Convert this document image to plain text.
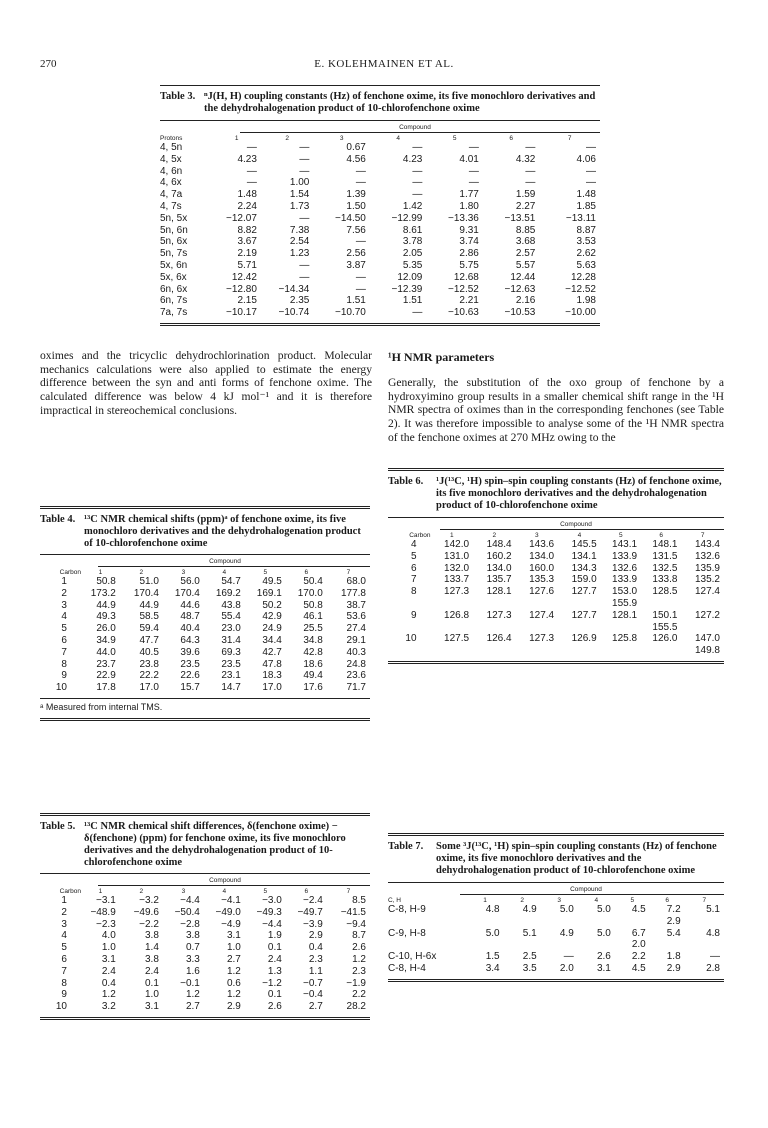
270	E. KOLEHMAINEN ET AL.
Table 3. ⁿJ(H, H) coupling constants (Hz) of fenchone oxime, its five monochloro derivatives and the dehydrohalogenation product of 10-chlorofenchone oxime
Compound
Protons	1	2	3	4	5	6	7
4, 5n	—	—	0.67	—	—	—	—
4, 5x	4.23	—	4.56	4.23	4.01	4.32	4.06
4, 6n	—	—	—	—	—	—	—
4, 6x	—	1.00	—	—	—	—	—
4, 7a	1.48	1.54	1.39	—	1.77	1.59	1.48
4, 7s	2.24	1.73	1.50	1.42	1.80	2.27	1.85
5n, 5x	−12.07	—	−14.50	−12.99	−13.36	−13.51	−13.11
5n, 6n	8.82	7.38	7.56	8.61	9.31	8.85	8.87
5n, 6x	3.67	2.54	—	3.78	3.74	3.68	3.53
5n, 7s	2.19	1.23	2.56	2.05	2.86	2.57	2.62
5x, 6n	5.71	—	3.87	5.35	5.75	5.57	5.63
5x, 6x	12.42	—	—	12.09	12.68	12.44	12.28
6n, 6x	−12.80	−14.34	—	−12.39	−12.52	−12.63	−12.52
6n, 7s	2.15	2.35	1.51	1.51	2.21	2.16	1.98
7a, 7s	−10.17	−10.74	−10.70	—	−10.63	−10.53	−10.00

oximes and the tricyclic dehydrochlorination product. Molecular mechanics calculations were also applied to estimate the energy difference between the syn and anti forms of fenchone oxime. The calculated difference was below 4 kJ mol⁻¹ and it is therefore impractical in stereochemical conclusions.

¹H NMR parameters

Generally, the substitution of the oxo group of fenchone by a hydroxyimino group results in a smaller chemical shift range in the ¹H NMR spectra of oximes than in the corresponding fenchones (see Table 2). It was therefore impossible to analyse some of the ¹H NMR spectra of the fenchone oximes at 270 MHz owing to the

Table 4. ¹³C NMR chemical shifts (ppm)ᵃ of fenchone oxime, its five monochloro derivatives and the dehydrohalogenation product of 10-chlorofenchone oxime
Compound
Carbon	1	2	3	4	5	6	7
1	50.8	51.0	56.0	54.7	49.5	50.4	68.0
2	173.2	170.4	170.4	169.2	169.1	170.0	177.8
3	44.9	44.9	44.6	43.8	50.2	50.8	38.7
4	49.3	58.5	48.7	55.4	42.9	46.1	53.6
5	26.0	59.4	40.4	23.0	24.9	25.5	27.4
6	34.9	47.7	64.3	31.4	34.4	34.8	29.1
7	44.0	40.5	39.6	69.3	42.7	42.8	40.3
8	23.7	23.8	23.5	23.5	47.8	18.6	24.8
9	22.9	22.2	22.6	23.1	18.3	49.4	23.6
10	17.8	17.0	15.7	14.7	17.0	17.6	71.7
ᵃ Measured from internal TMS.
Table 5. ¹³C NMR chemical shift differences, δ(fenchone oxime) − δ(fenchone) (ppm) for fenchone oxime, its five monochloro derivatives and the dehydrohalogenation product of 10-chlorofenchone oxime
Compound
Carbon	1	2	3	4	5	6	7
1	−3.1	−3.2	−4.4	−4.1	−3.0	−2.4	8.5
2	−48.9	−49.6	−50.4	−49.0	−49.3	−49.7	−41.5
3	−2.3	−2.2	−2.8	−4.9	−4.4	−3.9	−9.4
4	4.0	3.8	3.8	3.1	1.9	2.9	8.7
5	1.0	1.4	0.7	1.0	0.1	0.4	2.6
6	3.1	3.8	3.3	2.7	2.4	2.3	1.2
7	2.4	2.4	1.6	1.2	1.3	1.1	2.3
8	0.4	0.1	−0.1	0.6	−1.2	−0.7	−1.9
9	1.2	1.0	1.2	1.2	0.1	−0.4	2.2
10	3.2	3.1	2.7	2.9	2.6	2.7	28.2
Table 6.	¹J(¹³C, ¹H) spin–spin coupling constants (Hz) of fenchone oxime, its five monochloro derivatives and the dehydrohalogenation product of 10-chlorofenchone oxime
Compound
Carbon	1	2	3	4	5	6	7
4	142.0	148.4	143.6	145.5	143.1	148.1	143.4
5	131.0	160.2	134.0	134.1	133.9	131.5	132.6
6	132.0	134.0	160.0	134.3	132.6	132.5	135.9
7	133.7	135.7	135.3	159.0	133.9	133.8	135.2
8	127.3	128.1	127.6	127.7	153.0	128.5	127.4
					155.9		
9	126.8	127.3	127.4	127.7	128.1	150.1	127.2
						155.5	
10	127.5	126.4	127.3	126.9	125.8	126.0	147.0
							149.8
Table 7.	Some ³J(¹³C, ¹H) spin–spin coupling constants (Hz) of fenchone oxime, its five monochloro derivatives and the dehydrohalogenation product of 10-chlorofenchone oxime
Compound
C, H	1	2	3	4	5	6	7
C-8, H-9	4.8	4.9	5.0	5.0	4.5	7.2	5.1
						2.9	
C-9, H-8	5.0	5.1	4.9	5.0	6.7	5.4	4.8
					2.0		
C-10, H-6x	1.5	2.5	—	2.6	2.2	1.8	—
C-8, H-4	3.4	3.5	2.0	3.1	4.5	2.9	2.8
